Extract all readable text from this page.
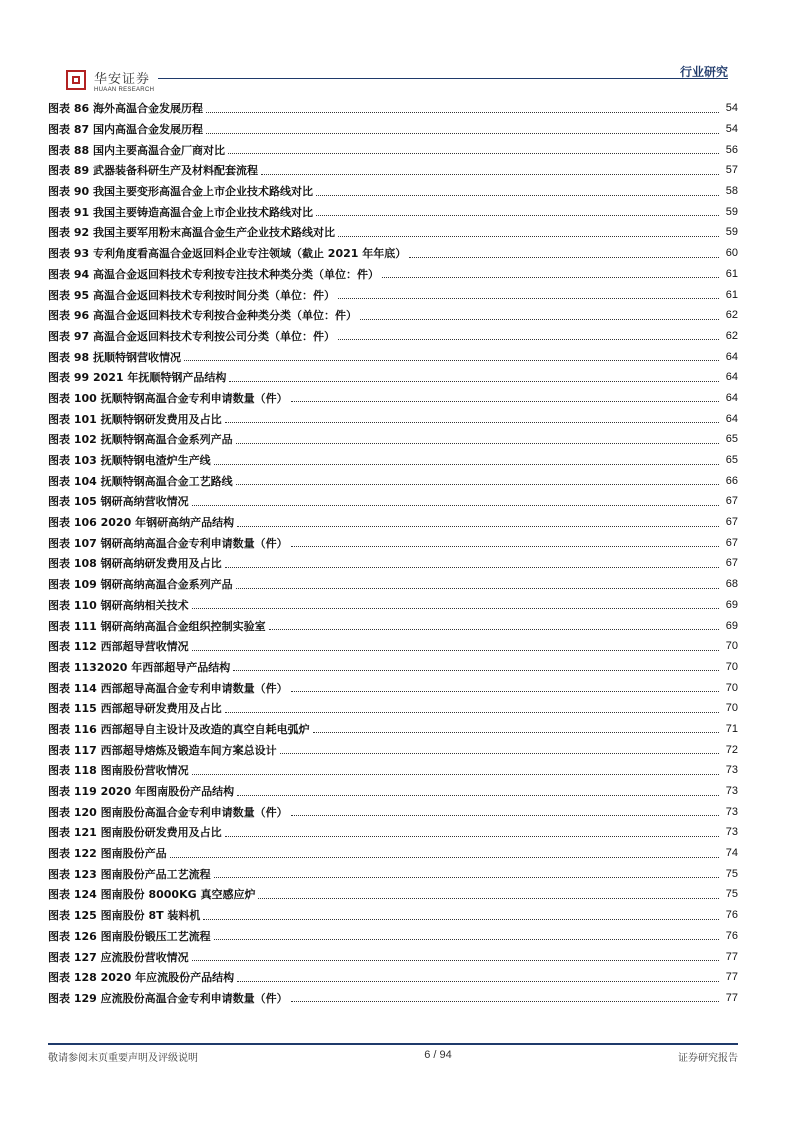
华安证券
HUAAN RESEARCH
行业研究
图表 86 海外高温合金发展历程	54
图表 87 国内高温合金发展历程	54
图表 88 国内主要高温合金厂商对比	56
图表 89 武器装备科研生产及材料配套流程	57
图表 90 我国主要变形高温合金上市企业技术路线对比	58
图表 91 我国主要铸造高温合金上市企业技术路线对比	59
图表 92 我国主要军用粉末高温合金生产企业技术路线对比	59
图表 93 专利角度看高温合金返回料企业专注领域（截止 2021 年年底）	60
图表 94 高温合金返回料技术专利按专注技术种类分类（单位：件）	61
图表 95 高温合金返回料技术专利按时间分类（单位：件）	61
图表 96 高温合金返回料技术专利按合金种类分类（单位：件）	62
图表 97 高温合金返回料技术专利按公司分类（单位：件）	62
图表 98 抚顺特钢营收情况	64
图表 99 2021 年抚顺特钢产品结构	64
图表 100 抚顺特钢高温合金专利申请数量（件）	64
图表 101 抚顺特钢研发费用及占比	64
图表 102 抚顺特钢高温合金系列产品	65
图表 103 抚顺特钢电渣炉生产线	65
图表 104 抚顺特钢高温合金工艺路线	66
图表 105 钢研高纳营收情况	67
图表 106 2020 年钢研高纳产品结构	67
图表 107 钢研高纳高温合金专利申请数量（件）	67
图表 108 钢研高纳研发费用及占比	67
图表 109 钢研高纳高温合金系列产品	68
图表 110 钢研高纳相关技术	69
图表 111 钢研高纳高温合金组织控制实验室	69
图表 112 西部超导营收情况	70
图表 1132020 年西部超导产品结构	70
图表 114 西部超导高温合金专利申请数量（件）	70
图表 115 西部超导研发费用及占比	70
图表 116 西部超导自主设计及改造的真空自耗电弧炉	71
图表 117 西部超导熔炼及锻造车间方案总设计	72
图表 118 图南股份营收情况	73
图表 119 2020 年图南股份产品结构	73
图表 120 图南股份高温合金专利申请数量（件）	73
图表 121 图南股份研发费用及占比	73
图表 122 图南股份产品	74
图表 123 图南股份产品工艺流程	75
图表 124 图南股份 8000KG 真空感应炉	75
图表 125 图南股份 8T 装料机	76
图表 126 图南股份锻压工艺流程	76
图表 127 应流股份营收情况	77
图表 128 2020 年应流股份产品结构	77
图表 129 应流股份高温合金专利申请数量（件）	77
敬请参阅末页重要声明及评级说明	6 / 94	证券研究报告
